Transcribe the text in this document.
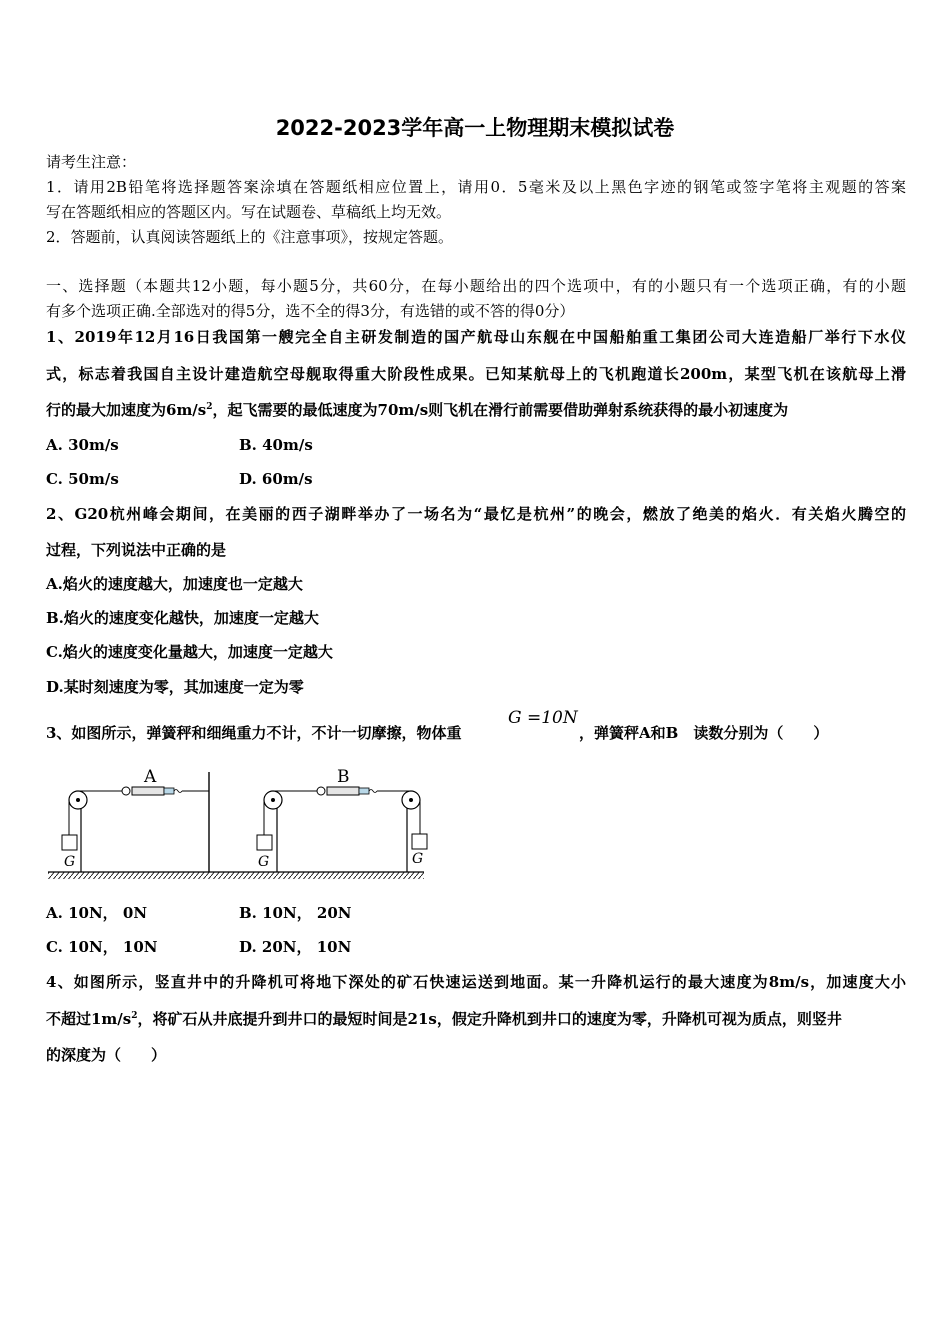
2022-2023学年高一上物理期末模拟试卷
请考生注意：
1．请用2B铅笔将选择题答案涂填在答题纸相应位置上，请用0．5毫米及以上黑色字迹的钢笔或签字笔将主观题的答案
写在答题纸相应的答题区内。写在试题卷、草稿纸上均无效。
2．答题前，认真阅读答题纸上的《注意事项》，按规定答题。
一、选择题（本题共12小题，每小题5分，共60分，在每小题给出的四个选项中，有的小题只有一个选项正确，有的小题
有多个选项正确.全部选对的得5分，选不全的得3分，有选错的或不答的得0分）
1、2019年12月16日我国第一艘完全自主研发制造的国产航母山东舰在中国船舶重工集团公司大连造船厂举行下水仪
式，标志着我国自主设计建造航空母舰取得重大阶段性成果。已知某航母上的飞机跑道长200m，某型飞机在该航母上滑
行的最大加速度为$6m/s^2$，起飞需要的最低速度为70m/s则飞机在滑行前需要借助弹射系统获得的最小初速度为
A. 30m/s	B. 40m/s
C. 50m/s	D. 60m/s
2、G20杭州峰会期间，在美丽的西子湖畔举办了一场名为“最忆是杭州”的晚会，燃放了绝美的焰火．有关焰火腾空的
过程，下列说法中正确的是
A.焰火的速度越大，加速度也一定越大
B.焰火的速度变化越快，加速度一定越大
C.焰火的速度变化量越大，加速度一定越大
D.某时刻速度为零，其加速度一定为零
3、如图所示，弹簧秤和细绳重力不计，不计一切摩擦，物体重
G =10N
，弹簧秤A和B　读数分别为（　　）
A
G
B
G	G
A. 10N， 0N	B. 10N， 20N
C. 10N， 10N	D. 20N， 10N
4、如图所示，竖直井中的升降机可将地下深处的矿石快速运送到地面。某一升降机运行的最大速度为8m/s，加速度大小
不超过$1m/s^2$，将矿石从井底提升到井口的最短时间是21s，假定升降机到井口的速度为零，升降机可视为质点，则竖井
的深度为（　　）
